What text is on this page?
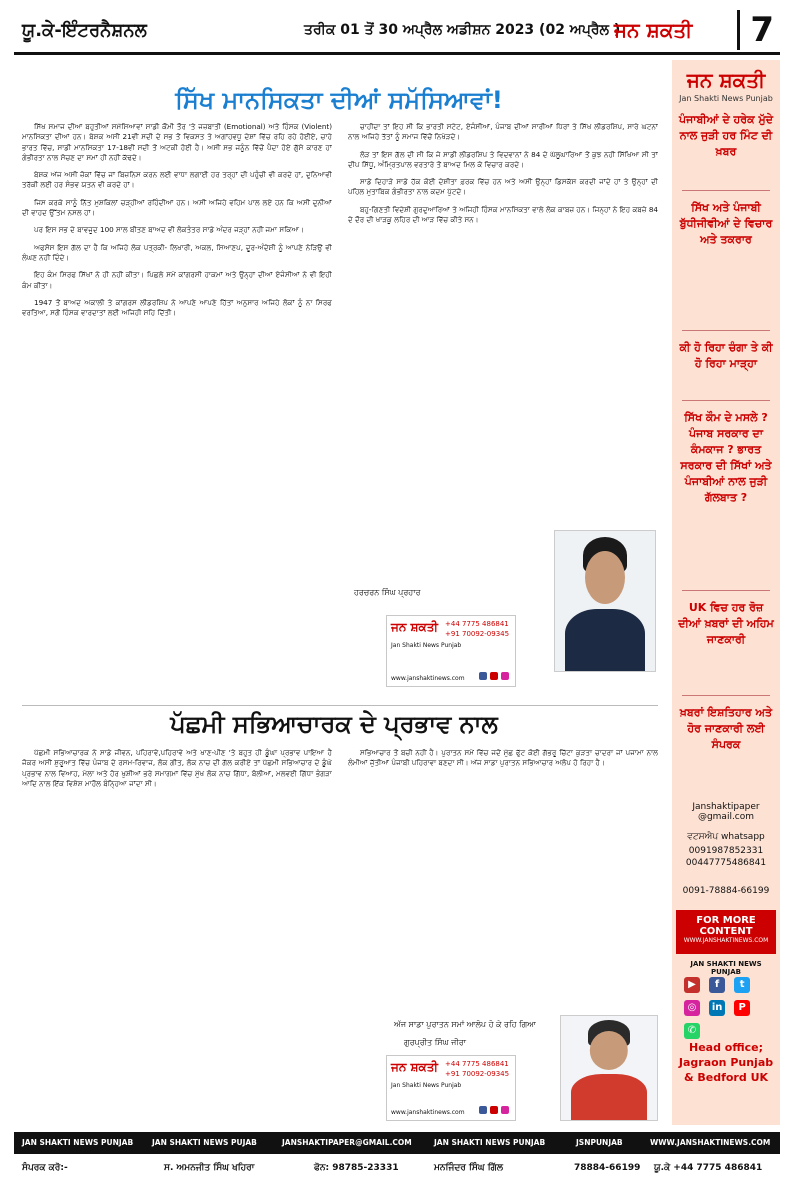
ਯੂ.ਕੇ-ਇੰਟਰਨੈਸ਼ਨਲ	ਤਰੀਕ 01 ਤੋਂ 30 ਅਪ੍ਰੈਲ ਅਡੀਸ਼ਨ 2023 (02 ਅਪ੍ਰੈਲ )
ਜਨ ਸ਼ਕਤੀ	7
ਸਿੱਖ ਮਾਨਸਿਕਤਾ ਦੀਆਂ ਸਮੱਸਿਆਵਾਂ!

ਸਿੱਖ ਸਮਾਜ ਦੀਆਂ ਬਹੁਤੀਆਂ ਸਮੱਸਿਆਵਾਂ ਸਾਡੀ ਕੌਮੀ ਤੌਰ 'ਤੇ ਜਜ਼ਬਾਤੀ (Emotional) ਅਤੇ ਹਿੰਸਕ (Violent) ਮਾਨਸਿਕਤਾ ਦੀਆਂ ਹਨ। ਬੇਸ਼ਕ ਅਸੀਂ 21ਵੀਂ ਸਦੀ ਦੇ ਸਭ ਤੋਂ ਵਿਕਸਤ ਤੇ ਅਗਾਂਹਵਧੂ ਦੇਸ਼ਾਂ ਵਿੱਚ ਰਹਿ ਰਹੇ ਹੋਈਏ, ਚਾਹੇ ਭਾਰਤ ਵਿੱਚ, ਸਾਡੀ ਮਾਨਸਿਕਤਾ 17-18ਵੀਂ ਸਦੀ ਤੋਂ ਅਟਕੀ ਹੋਈ ਹੈ। ਅਸੀਂ ਸਭ ਜਨੂੰਨ ਵਿੱਚੋਂ ਪੈਦਾ ਹੋਏ ਗੁੱਸੇ ਕਾਰਣ ਹਾਂ ਗੰਭੀਰਤਾ ਨਾਲ ਸੋਚਣ ਦਾ ਸਮਾਂ ਹੀ ਨਹੀਂ ਕੱਢਦੇ।

ਬੇਸ਼ਕ ਅੱਜ ਅਸੀਂ ਜ਼ੋਕਾਂ ਵਿੱਚ ਜਾਂ ਬਿਜ਼ਨਿਸ ਕਰਨ ਲਈ ਵਾਧਾ ਲਗਾਈ ਹਰ ਤਰ੍ਹਾਂ ਦੀ ਪਹੁੰਚੀ ਵੀ ਕਰਦੇ ਹਾਂ, ਦੁਨਿਆਵੀ ਤਰੱਕੀ ਲਈ ਹਰ ਸੰਭਵ ਯਤਨ ਵੀ ਕਰਦੇ ਹਾਂ।

ਜਿਸ ਕਰਕੇ ਸਾਨੂੰ ਨਿੱਤ ਮੁਸ਼ਕਿਲਾਂ ਚੜ੍ਹੀਆਂ ਰਹਿੰਦੀਆਂ ਹਨ। ਅਸੀਂ ਅਜਿਹੇ ਵਹਿਮ ਪਾਲ ਲਏ ਹਨ ਕਿ ਅਸੀਂ ਦੁਨੀਆਂ ਦੀ ਵਾਹਦ ਉੱਤਮ ਨਸਲ ਹਾਂ।

ਪਰ ਇਸ ਸਭ ਦੇ ਬਾਵਜੂਦ 100 ਸਾਲ ਬੀਤਣ ਬਾਅਦ ਵੀ ਲੋਕਤੰਤਰ ਸਾਡੇ ਅੰਦਰ ਜੜ੍ਹਾਂ ਨਹੀਂ ਜਮਾ ਸਕਿਆ।

ਅਫਸੋਸ ਇਸ ਗੱਲ ਦਾ ਹੈ ਕਿ ਅਜਿਹੇ ਲੋਕ ਪਤ੍ਰਕੀ- ਲਿਖਾਰੀ, ਅਕਲ, ਸਿਆਣਪ, ਦੂਰ-ਅੰਦੇਸ਼ੀ ਨੂੰ ਆਪਣੇ ਨੇੜਿਉਂ ਵੀ ਲੰਘਣ ਨਹੀਂ ਦਿੰਦੇ।

ਇਹ ਕੰਮ ਸਿਰਫ ਸਿੱਖਾਂ ਨੇ ਹੀ ਨਹੀਂ ਕੀਤਾ। ਪਿਛਲੇ ਸਮੇਂ ਕਾਂਗਰਸੀ ਹਾਕਮਾਂ ਅਤੇ ਉਨ੍ਹਾਂ ਦੀਆਂ ਏਜੰਸੀਆਂ ਨੇ ਵੀ ਇਹੀ ਕੰਮ ਕੀਤਾ।

1947 ਤੋਂ ਬਾਅਦ ਅਕਾਲੀ ਤੇ ਕਾਂਗਰਸ ਲੀਡਰਸ਼ਿਪ ਨੇ ਆਪਣੇ ਆਪਣੇ ਹਿੱਤਾਂ ਅਨੁਸਾਰ ਅਜਿਹੇ ਲੋਕਾਂ ਨੂੰ ਨਾ ਸਿਰਫ ਵਰਤਿਆ, ਸਗੋਂ ਹਿੰਸਕ ਵਾਰਦਾਤਾਂ ਲਈ ਅਜਿਹੀ ਸਹਿ ਦਿੱਤੀ।

ਚਾਹੀਦਾ ਤਾਂ ਇਹ ਸੀ ਕਿ ਭਾਰਤੀ ਸਟੇਟ, ਏਜੰਸੀਆਂ, ਪੰਜਾਬ ਦੀਆਂ ਸਾਰੀਆਂ ਧਿਰਾਂ ਤੇ ਸਿੱਖ ਲੀਡਰਸ਼ਿਪ, ਸਾਰੇ ਘਟਨਾਂ ਨਾਲ ਅਜਿਹੇ ਤੱਤਾਂ ਨੂੰ ਸਮਾਜ ਵਿੱਚੋਂ ਨਿਖੇੜਦੇ।

ਲੋੜ ਤਾਂ ਇਸ ਗੱਲ ਦੀ ਸੀ ਕਿ ਜੇ ਸਾਡੀ ਲੀਡਰਸ਼ਿਪ ਤੇ ਵਿਦਵਾਨਾਂ ਨੇ 84 ਦੇ ਘੱਲੂਘਾਰਿਆਂ ਤੋਂ ਕੁਝ ਨਹੀਂ ਸਿੱਖਿਆ ਸੀ ਤਾਂ ਦੀਪ ਸਿੱਧੂ, ਅੰਮ੍ਰਿਤਪਾਲ ਵਰਤਾਰੇ ਤੋਂ ਬਾਅਦ ਮਿਲ ਕੇ ਵਿਚਾਰ ਕਰਦੇ।

ਸਾਡੇ ਦਿਹਾੜੇ ਸਾਡੇ ਹੱਕ ਕੋਈ ਦੇਸ਼ੀਤਾ ਫ਼ਰਕ ਵਿੱਚ ਹਨ ਅਤੇ ਅਸੀਂ ਉਨ੍ਹਾਂ ਡਿਸਕੱਸ ਕਰਦੀ ਜਾਂਦੇ ਹਾਂ ਤੇ ਉਨ੍ਹਾਂ ਦੀ ਪਹਿਲ ਮੁਤਾਬਿਕ ਗੰਭੀਰਤਾ ਨਾਲ ਕਦਮ ਪੁੱਟਦੇ।

ਬਹੁ-ਗਿਣਤੀ ਵਿਦੇਸ਼ੀ ਗੁਰਦੁਆਰਿਆਂ ਤੇ ਅਜਿਹੀ ਹਿੰਸਕ ਮਾਨਸਿਕਤਾ ਵਾਲੇ ਲੋਕ ਕਾਬਜ਼ ਹਨ। ਜਿਨ੍ਹਾਂ ਨੇ ਇਹ ਕਬਜ਼ੇ 84 ਦੇ ਦੌਰ ਦੀ ਖਾੜਕੂ ਲਹਿਰ ਦੀ ਆੜ ਵਿੱਚ ਕੀਤੇ ਸਨ।

ਹਰਚਰਨ ਸਿੰਘ ਪ੍ਰਹਾਰ
ਜਨ ਸ਼ਕਤੀ +44 7775 486841
+91 70092-09345
Jan Shakti News Punjab
www.janshaktinews.com

ਪੱਛਮੀ ਸਭਿਆਚਾਰਕ ਦੇ ਪ੍ਰਭਾਵ ਨਾਲ

ਪੱਛਮੀ ਸਭਿਆਚਾਰਕ ਨੇ ਸਾਡੇ ਜੀਵਨ, ਪਹਿਰਾਵੇ,ਪਹਿਰਾਵੇ ਅਤੇ ਖਾਣ-ਪੀਣ 'ਤੇ ਬਹੁਤ ਹੀ ਡੂੰਘਾ ਪ੍ਰਭਾਵ ਪਾਇਆ ਹੈ ਜੋਕਰ ਅਸੀਂ ਸ਼ੁਰੂਆਤ ਵਿੱਚ ਪੰਜਾਬ ਦੇ ਰਸਮ-ਰਿਵਾਜ, ਲੋਕ ਗੀਤ, ਲੋਕ ਨਾਚ ਦੀ ਗੱਲ ਕਰੀਏ ਤਾਂ ਪੱਛਮੀ ਸਭਿਆਚਾਰ ਦੇ ਡੂੰਘੇ ਪ੍ਰਭਾਵ ਨਾਲ ਵਿਆਹ, ਮੇਲਾ ਅਤੇ ਹੋਰ ਖੁਸ਼ੀਆਂ ਭਰੇ ਸਮਾਗਮਾਂ ਵਿੱਚ ਮੁੱਖ ਲੋਕ ਨਾਚ ਗਿੱਧਾ, ਬੋਲੀਆਂ, ਮਲਵਈ ਗਿੱਧਾ ਭੰਗੜਾ ਆਦਿ ਨਾਲ ਇੱਕ ਵਿਸ਼ੇਸ਼ ਮਾਹੌਲ ਬੰਨ੍ਹਿਆ ਜਾਂਦਾ ਸੀ।

ਸਭਿਆਚਾਰ ਤੋਂ ਬਚੀ ਨਹੀਂ ਹੈ। ਪੁਰਾਤਨ ਸਮੇਂ ਵਿੱਚ ਜਦੋਂ ਮੁੱਛ ਫੁੱਟ ਕੋਈ ਗੱਭਰੂ ਚਿੱਟਾ ਕੁੜਤਾ ਚਾਦਰਾ ਜਾਂ ਪਜਾਮਾ ਨਾਲ ਲੰਮੀਆਂ ਜੁੱਤੀਆਂ ਪੰਜਾਬੀ ਪਹਿਰਾਵਾ ਬਣਦਾ ਸੀ। ਅੱਜ ਸਾਡਾ ਪੁਰਾਤਨ ਸਭਿਆਚਾਰ ਅਲੋਪ ਹੋ ਰਿਹਾ ਹੈ।

ਅੱਜ ਸਾਡਾ ਪੁਰਾਤਨ ਸਮਾਂ ਆਲੋਪ ਹੋ ਕੇ ਰਹਿ ਗਿਆ
ਗੁਰਪ੍ਰੀਤ ਸਿੰਘ ਜੀਰਾ
ਜਨ ਸ਼ਕਤੀ +44 7775 486841
+91 70092-09345
Jan Shakti News Punjab
www.janshaktinews.com

ਜਨ ਸ਼ਕਤੀ
Jan Shakti News Punjab
ਪੰਜਾਬੀਆਂ ਦੇ ਹਰੇਕ ਮੁੱਦੇ ਨਾਲ ਜੁੜੀ ਹਰ ਮਿੰਟ ਦੀ ਖ਼ਬਰ
ਸਿੱਖ ਅਤੇ ਪੰਜਾਬੀ ਬੁੱਧੀਜੀਵੀਆਂ ਦੇ ਵਿਚਾਰ ਅਤੇ ਤਕਰਾਰ
ਕੀ ਹੋ ਰਿਹਾ ਚੰਗਾ ਤੇ ਕੀ ਹੋ ਰਿਹਾ ਮਾੜ੍ਹਾ
ਸਿੱਖ ਕੌਮ ਦੇ ਮਸਲੇ ? ਪੰਜਾਬ ਸਰਕਾਰ ਦਾ ਕੰਮਕਾਜ ? ਭਾਰਤ ਸਰਕਾਰ ਦੀ ਸਿੱਖਾਂ ਅਤੇ ਪੰਜਾਬੀਆਂ ਨਾਲ ਜੁੜੀ ਗੱਲਬਾਤ ?
UK ਵਿਚ ਹਰ ਰੋਜ਼ ਦੀਆਂ ਖ਼ਬਰਾਂ ਦੀ ਅਹਿਮ ਜਾਣਕਾਰੀ
ਖ਼ਬਰਾਂ ਇਸ਼ਤਿਹਾਰ ਅਤੇ ਹੋਰ ਜਾਣਕਾਰੀ ਲਈ ਸੰਪਰਕ
Janshaktipaper @gmail.com
ਵਟਸਐਪ whatsapp
0091987852331
00447775486841
0091-78884-66199
FOR MORE CONTENT
WWW.JANSHAKTINEWS.COM
JAN SHAKTI NEWS PUNJAB
▶ f t ◎ in P ✆
Head office; Jagraon Punjab & Bedford UK
JAN SHAKTI NEWS PUNJAB	JAN SHAKTI NEWS PUJAB	JANSHAKTIPAPER@GMAIL.COM	JAN SHAKTI NEWS PUNJAB	JSNPUNJAB	WWW.JANSHAKTINEWS.COM
ਸੰਪਰਕ ਕਰੋ:-	ਸ. ਅਮਨਜੀਤ ਸਿੰਘ ਖਹਿਰਾ	ਫੋਨ: 98785-23331	ਮਨਜਿੰਦਰ ਸਿੰਘ ਗਿੱਲ	78884-66199 ਯੂ.ਕੇ +44 7775 486841
